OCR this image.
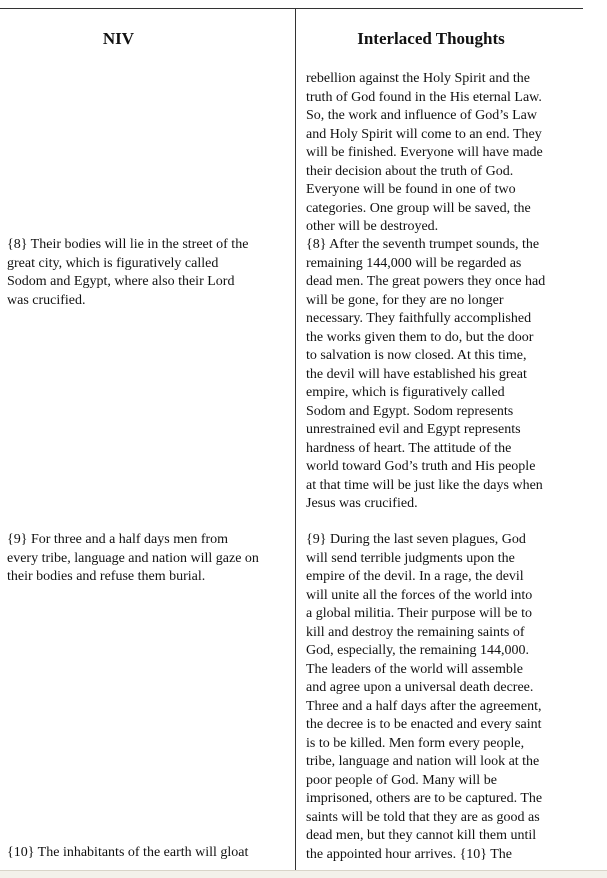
NIV	Interlaced Thoughts

rebellion against the Holy Spirit and the
truth of God found in the His eternal Law.
So, the work and influence of God’s Law
and Holy Spirit will come to an end. They
will be finished. Everyone will have made
their decision about the truth of God.
Everyone will be found in one of two
categories. One group will be saved, the
other will be destroyed.

{8} Their bodies will lie in the street of the
great city, which is figuratively called
Sodom and Egypt, where also their Lord
was crucified.

{8} After the seventh trumpet sounds, the
remaining 144,000 will be regarded as
dead men. The great powers they once had
will be gone, for they are no longer
necessary. They faithfully accomplished
the works given them to do, but the door
to salvation is now closed. At this time,
the devil will have established his great
empire, which is figuratively called
Sodom and Egypt. Sodom represents
unrestrained evil and Egypt represents
hardness of heart. The attitude of the
world toward God’s truth and His people
at that time will be just like the days when
Jesus was crucified.

{9} For three and a half days men from
every tribe, language and nation will gaze on
their bodies and refuse them burial.

{9} During the last seven plagues, God
will send terrible judgments upon the
empire of the devil. In a rage, the devil
will unite all the forces of the world into
a global militia. Their purpose will be to
kill and destroy the remaining saints of
God, especially, the remaining 144,000.
The leaders of the world will assemble
and agree upon a universal death decree.
Three and a half days after the agreement,
the decree is to be enacted and every saint
is to be killed. Men form every people,
tribe, language and nation will look at the
poor people of God. Many will be
imprisoned, others are to be captured. The
saints will be told that they are as good as
dead men, but they cannot kill them until
the appointed hour arrives. {10} The

{10} The inhabitants of the earth will gloat
